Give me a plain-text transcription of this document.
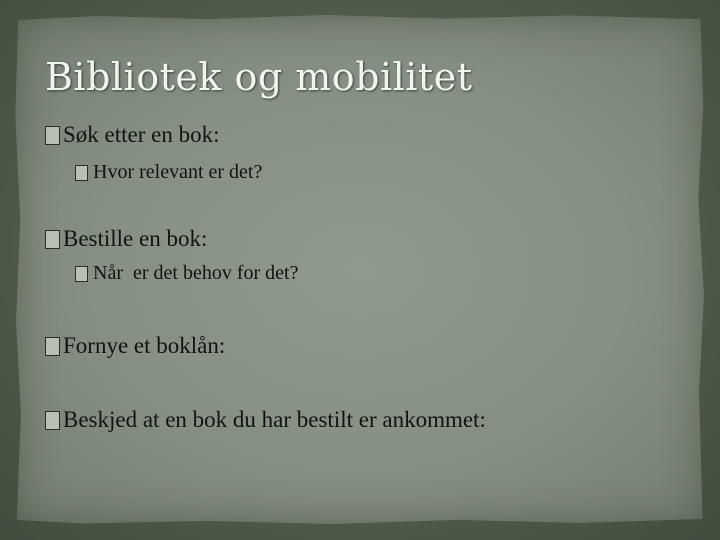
Bibliotek og mobilitet
Søk etter en bok:
Hvor relevant er det?
Bestille en bok:
Når  er det behov for det?
Fornye et boklån:
Beskjed at en bok du har bestilt er ankommet:
